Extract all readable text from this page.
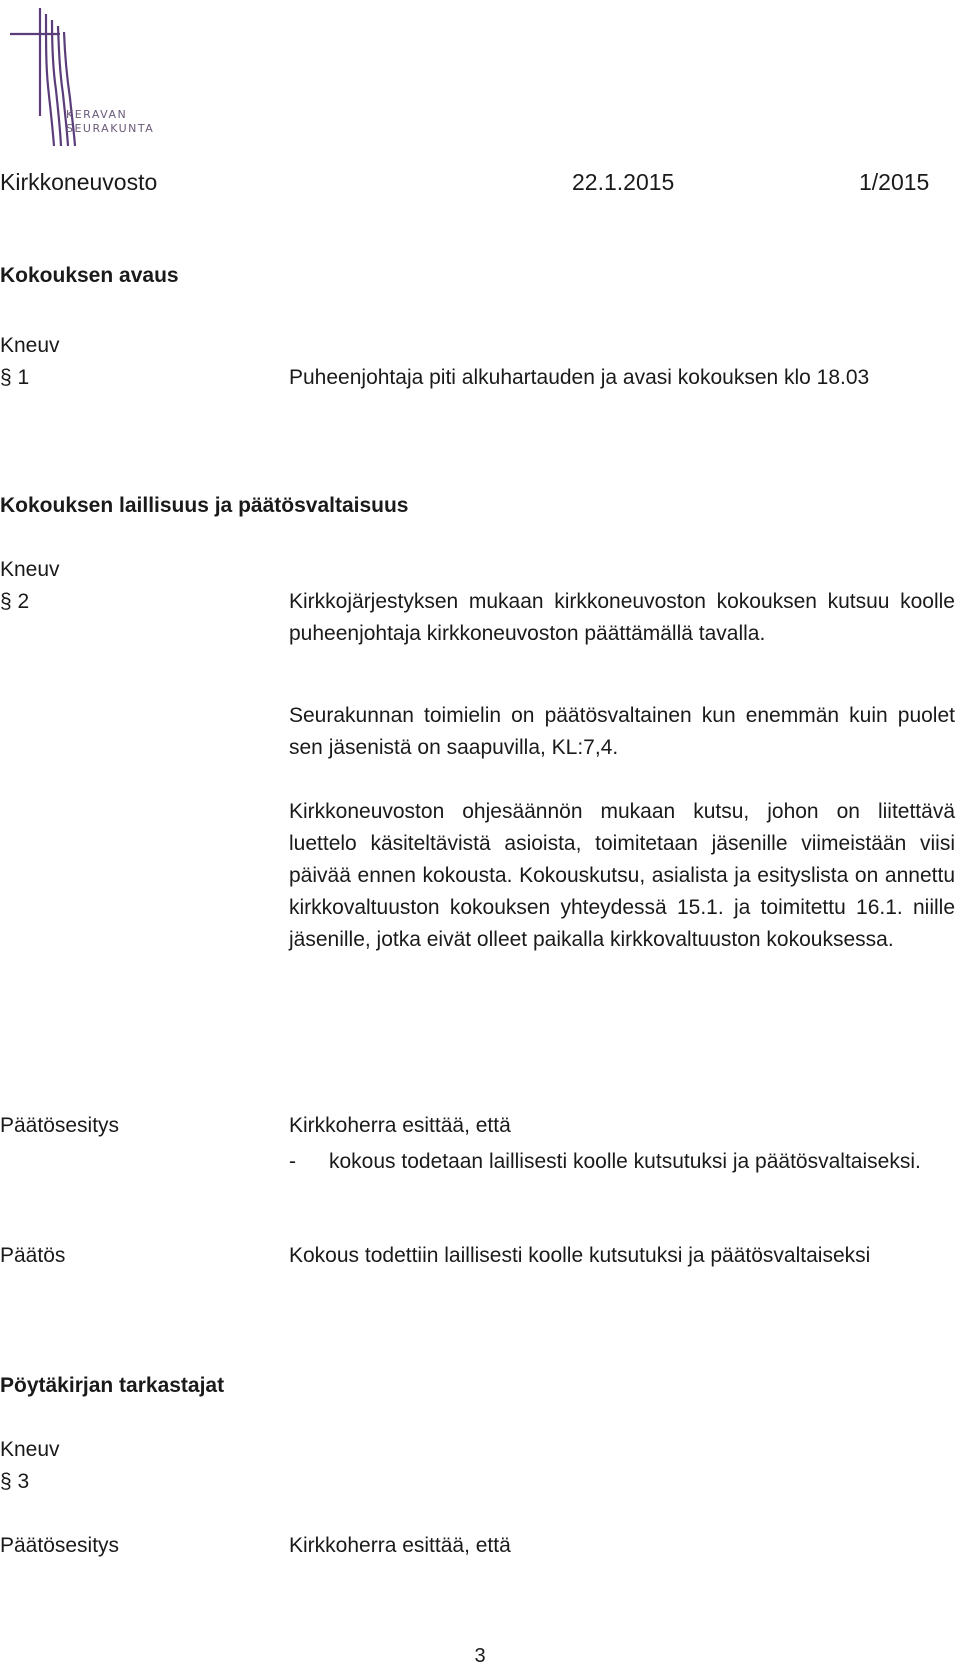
KERAVAN
SEURAKUNTA
Kirkkoneuvosto	22.1.2015	1/2015
Kokouksen avaus
Kneuv
§ 1	Puheenjohtaja piti alkuhartauden ja avasi kokouksen klo 18.03

Kokouksen laillisuus ja päätösvaltaisuus
Kneuv
§ 2	Kirkkojärjestyksen mukaan kirkkoneuvoston kokouksen kutsuu koolle puheenjohtaja kirkkoneuvoston päättämällä tavalla.

Seurakunnan toimielin on päätösvaltainen kun enemmän kuin puolet sen jäsenistä on saapuvilla, KL:7,4.

Kirkkoneuvoston ohjesäännön mukaan kutsu, johon on liitettävä luettelo käsiteltävistä asioista, toimitetaan jäsenille viimeistään viisi päivää ennen kokousta. Kokouskutsu, asialista ja esityslista on annettu kirkkovaltuuston kokouksen yhteydessä 15.1. ja toimitettu 16.1. niille jäsenille, jotka eivät olleet paikalla kirkkovaltuuston kokouksessa.

Päätösesitys	Kirkkoherra esittää, että

- kokous todetaan laillisesti koolle kutsutuksi ja päätösvaltaiseksi.
Päätös	Kokous todettiin laillisesti koolle kutsutuksi ja päätösvaltaiseksi

Pöytäkirjan tarkastajat
Kneuv
§ 3
Päätösesitys	Kirkkoherra esittää, että

3
